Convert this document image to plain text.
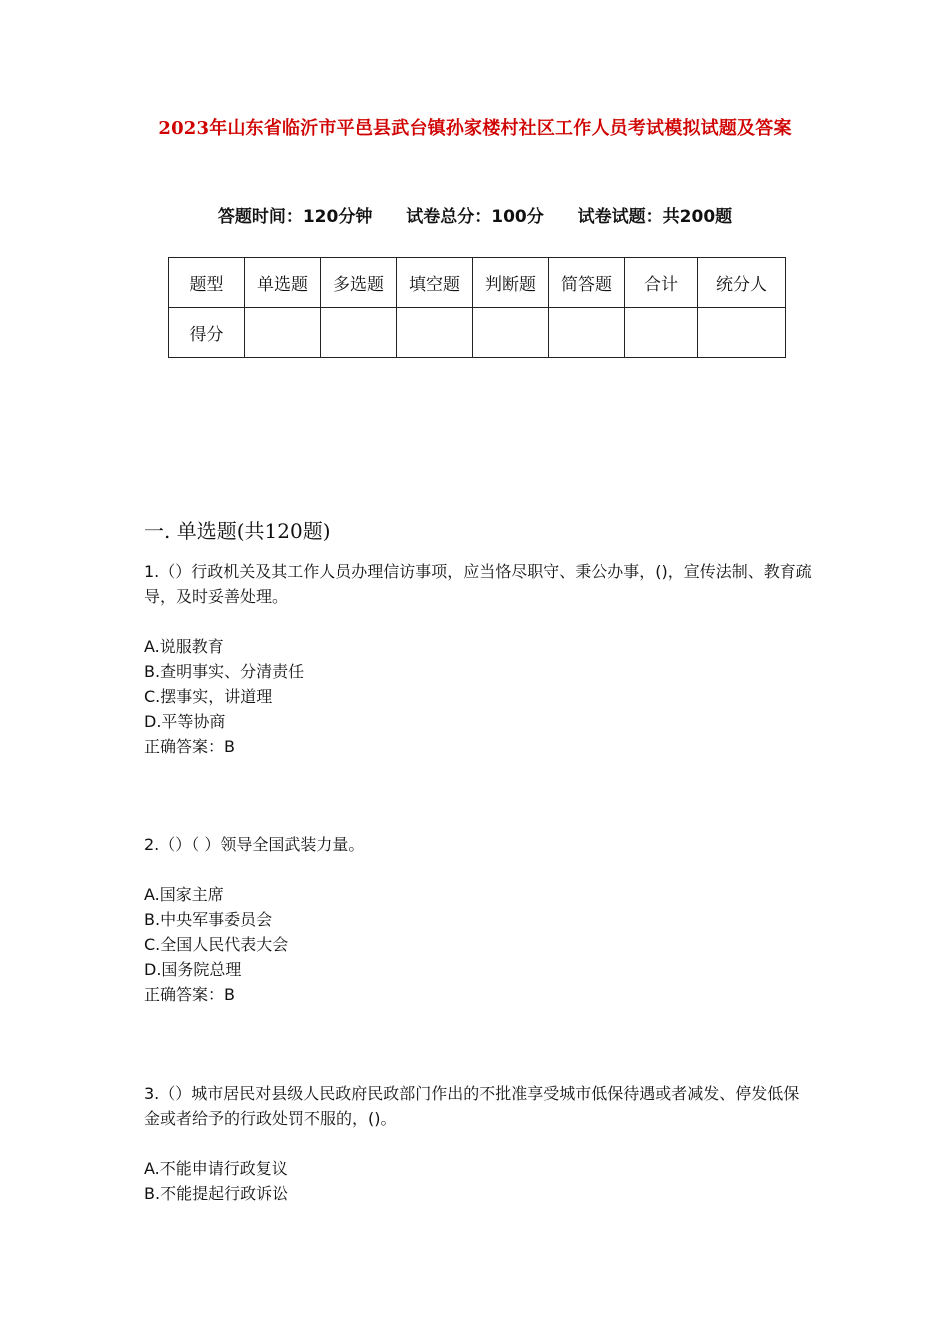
2023年山东省临沂市平邑县武台镇孙家楼村社区工作人员考试模拟试题及答案
答题时间：120分钟 试卷总分：100分 试卷试题：共200题
题型	单选题	多选题	填空题	判断题	简答题	合计	统分人
得分							
一. 单选题(共120题)

1.（）行政机关及其工作人员办理信访事项，应当恪尽职守、秉公办事，()，宣传法制、教育疏导，及时妥善处理。

A.说服教育

B.查明事实、分清责任

C.摆事实，讲道理

D.平等协商

正确答案：B

2.（）（ ）领导全国武装力量。

A.国家主席

B.中央军事委员会

C.全国人民代表大会

D.国务院总理

正确答案：B

3.（）城市居民对县级人民政府民政部门作出的不批准享受城市低保待遇或者减发、停发低保金或者给予的行政处罚不服的，()。

A.不能申请行政复议

B.不能提起行政诉讼
